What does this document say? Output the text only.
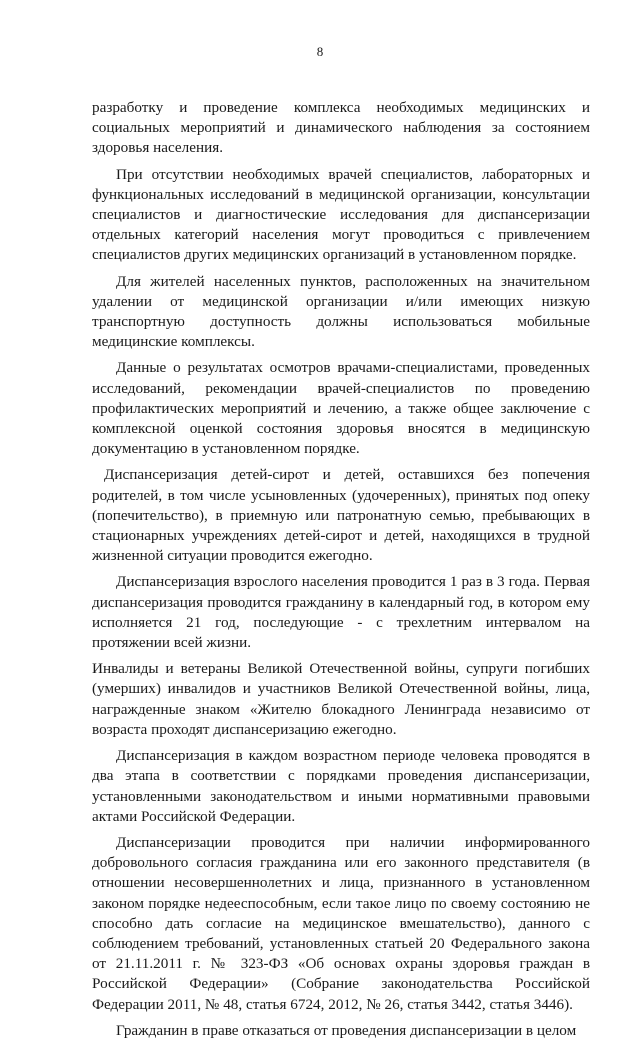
8

разработку и проведение комплекса необходимых медицинских и социальных мероприятий и динамического наблюдения за состоянием здоровья населения.

При отсутствии необходимых врачей специалистов, лабораторных и функциональных исследований в медицинской организации, консультации специалистов и диагностические исследования для диспансеризации отдельных категорий населения могут проводиться с привлечением специалистов других медицинских организаций в установленном порядке.

Для жителей населенных пунктов, расположенных на значительном удалении от медицинской организации и/или имеющих низкую транспортную доступность должны использоваться мобильные медицинские комплексы.

Данные о результатах осмотров врачами-специалистами, проведенных исследований, рекомендации врачей-специалистов по проведению профилактических мероприятий и лечению, а также общее заключение с комплексной оценкой состояния здоровья вносятся в медицинскую документацию в установленном порядке.

Диспансеризация детей-сирот и детей, оставшихся без попечения родителей, в том числе усыновленных (удочеренных), принятых под опеку (попечительство), в приемную или патронатную семью, пребывающих в стационарных учреждениях детей-сирот и детей, находящихся в трудной жизненной ситуации проводится ежегодно.

Диспансеризация взрослого населения проводится 1 раз в 3 года. Первая диспансеризация проводится гражданину в календарный год, в котором ему исполняется 21 год, последующие - с трехлетним интервалом на протяжении всей жизни.

Инвалиды и ветераны Великой Отечественной войны, супруги погибших (умерших) инвалидов и участников Великой Отечественной войны, лица, награжденные знаком «Жителю блокадного Ленинграда независимо от возраста проходят диспансеризацию ежегодно.

Диспансеризация в каждом возрастном периоде человека проводятся в два этапа в соответствии с порядками проведения диспансеризации, установленными законодательством и иными нормативными правовыми актами Российской Федерации.

Диспансеризации проводится при наличии информированного добровольного согласия гражданина или его законного представителя (в отношении несовершеннолетних и лица, признанного в установленном законом порядке недееспособным, если такое лицо по своему состоянию не способно дать согласие на медицинское вмешательство), данного с соблюдением требований, установленных статьей 20 Федерального закона от 21.11.2011 г. № 323-ФЗ «Об основах охраны здоровья граждан в Российской Федерации» (Собрание законодательства Российской Федерации 2011, № 48, статья 6724, 2012, № 26, статья 3442, статья 3446).

Гражданин в праве отказаться от проведения диспансеризации в целом
